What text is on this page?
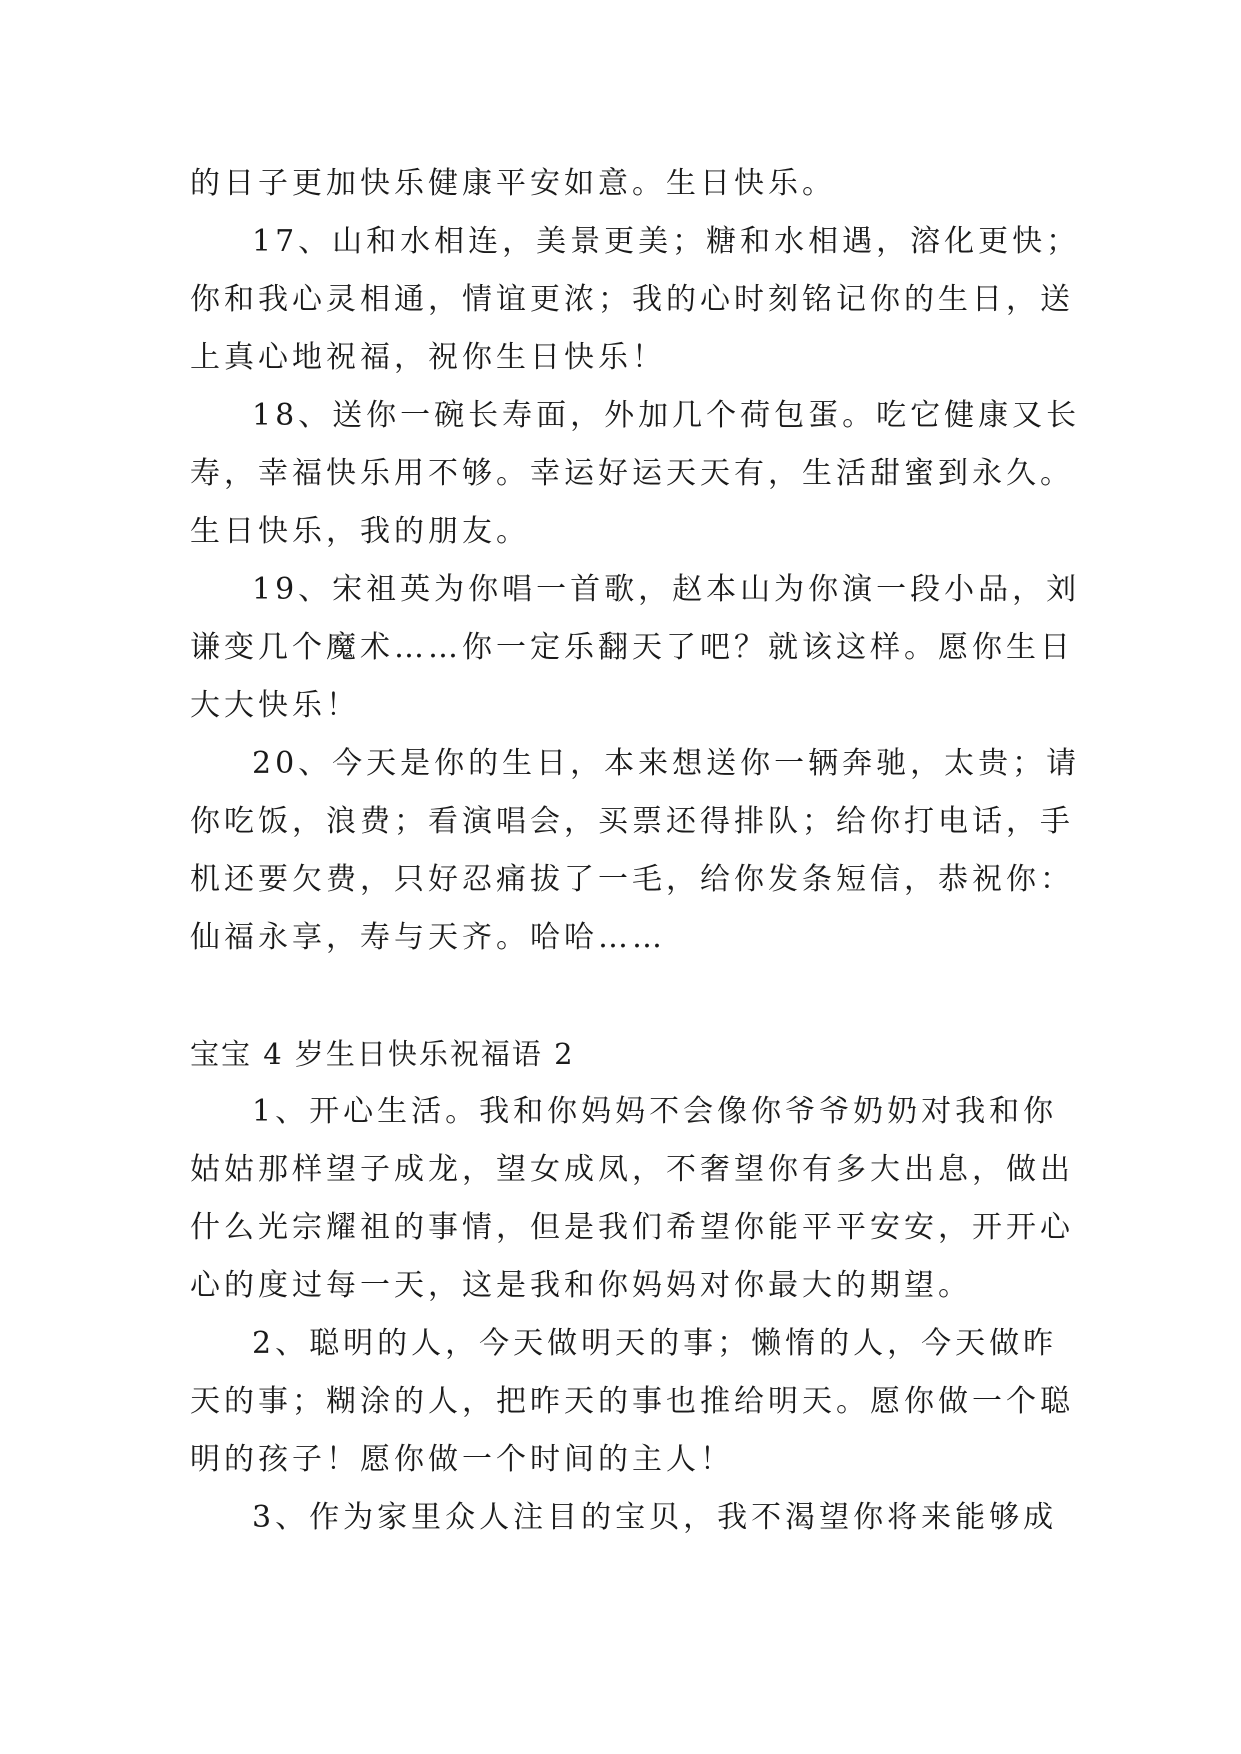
的日子更加快乐健康平安如意。生日快乐。
17、山和水相连，美景更美；糖和水相遇，溶化更快；
你和我心灵相通，情谊更浓；我的心时刻铭记你的生日，送
上真心地祝福，祝你生日快乐！
18、送你一碗长寿面，外加几个荷包蛋。吃它健康又长
寿，幸福快乐用不够。幸运好运天天有，生活甜蜜到永久。
生日快乐，我的朋友。
19、宋祖英为你唱一首歌，赵本山为你演一段小品，刘
谦变几个魔术……你一定乐翻天了吧？就该这样。愿你生日
大大快乐！
20、今天是你的生日，本来想送你一辆奔驰，太贵；请
你吃饭，浪费；看演唱会，买票还得排队；给你打电话，手
机还要欠费，只好忍痛拔了一毛，给你发条短信，恭祝你：
仙福永享，寿与天齐。哈哈……
宝宝 4 岁生日快乐祝福语 2
1、开心生活。我和你妈妈不会像你爷爷奶奶对我和你
姑姑那样望子成龙，望女成凤，不奢望你有多大出息，做出
什么光宗耀祖的事情，但是我们希望你能平平安安，开开心
心的度过每一天，这是我和你妈妈对你最大的期望。
2、聪明的人，今天做明天的事；懒惰的人，今天做昨
天的事；糊涂的人，把昨天的事也推给明天。愿你做一个聪
明的孩子！愿你做一个时间的主人！
3、作为家里众人注目的宝贝，我不渴望你将来能够成
